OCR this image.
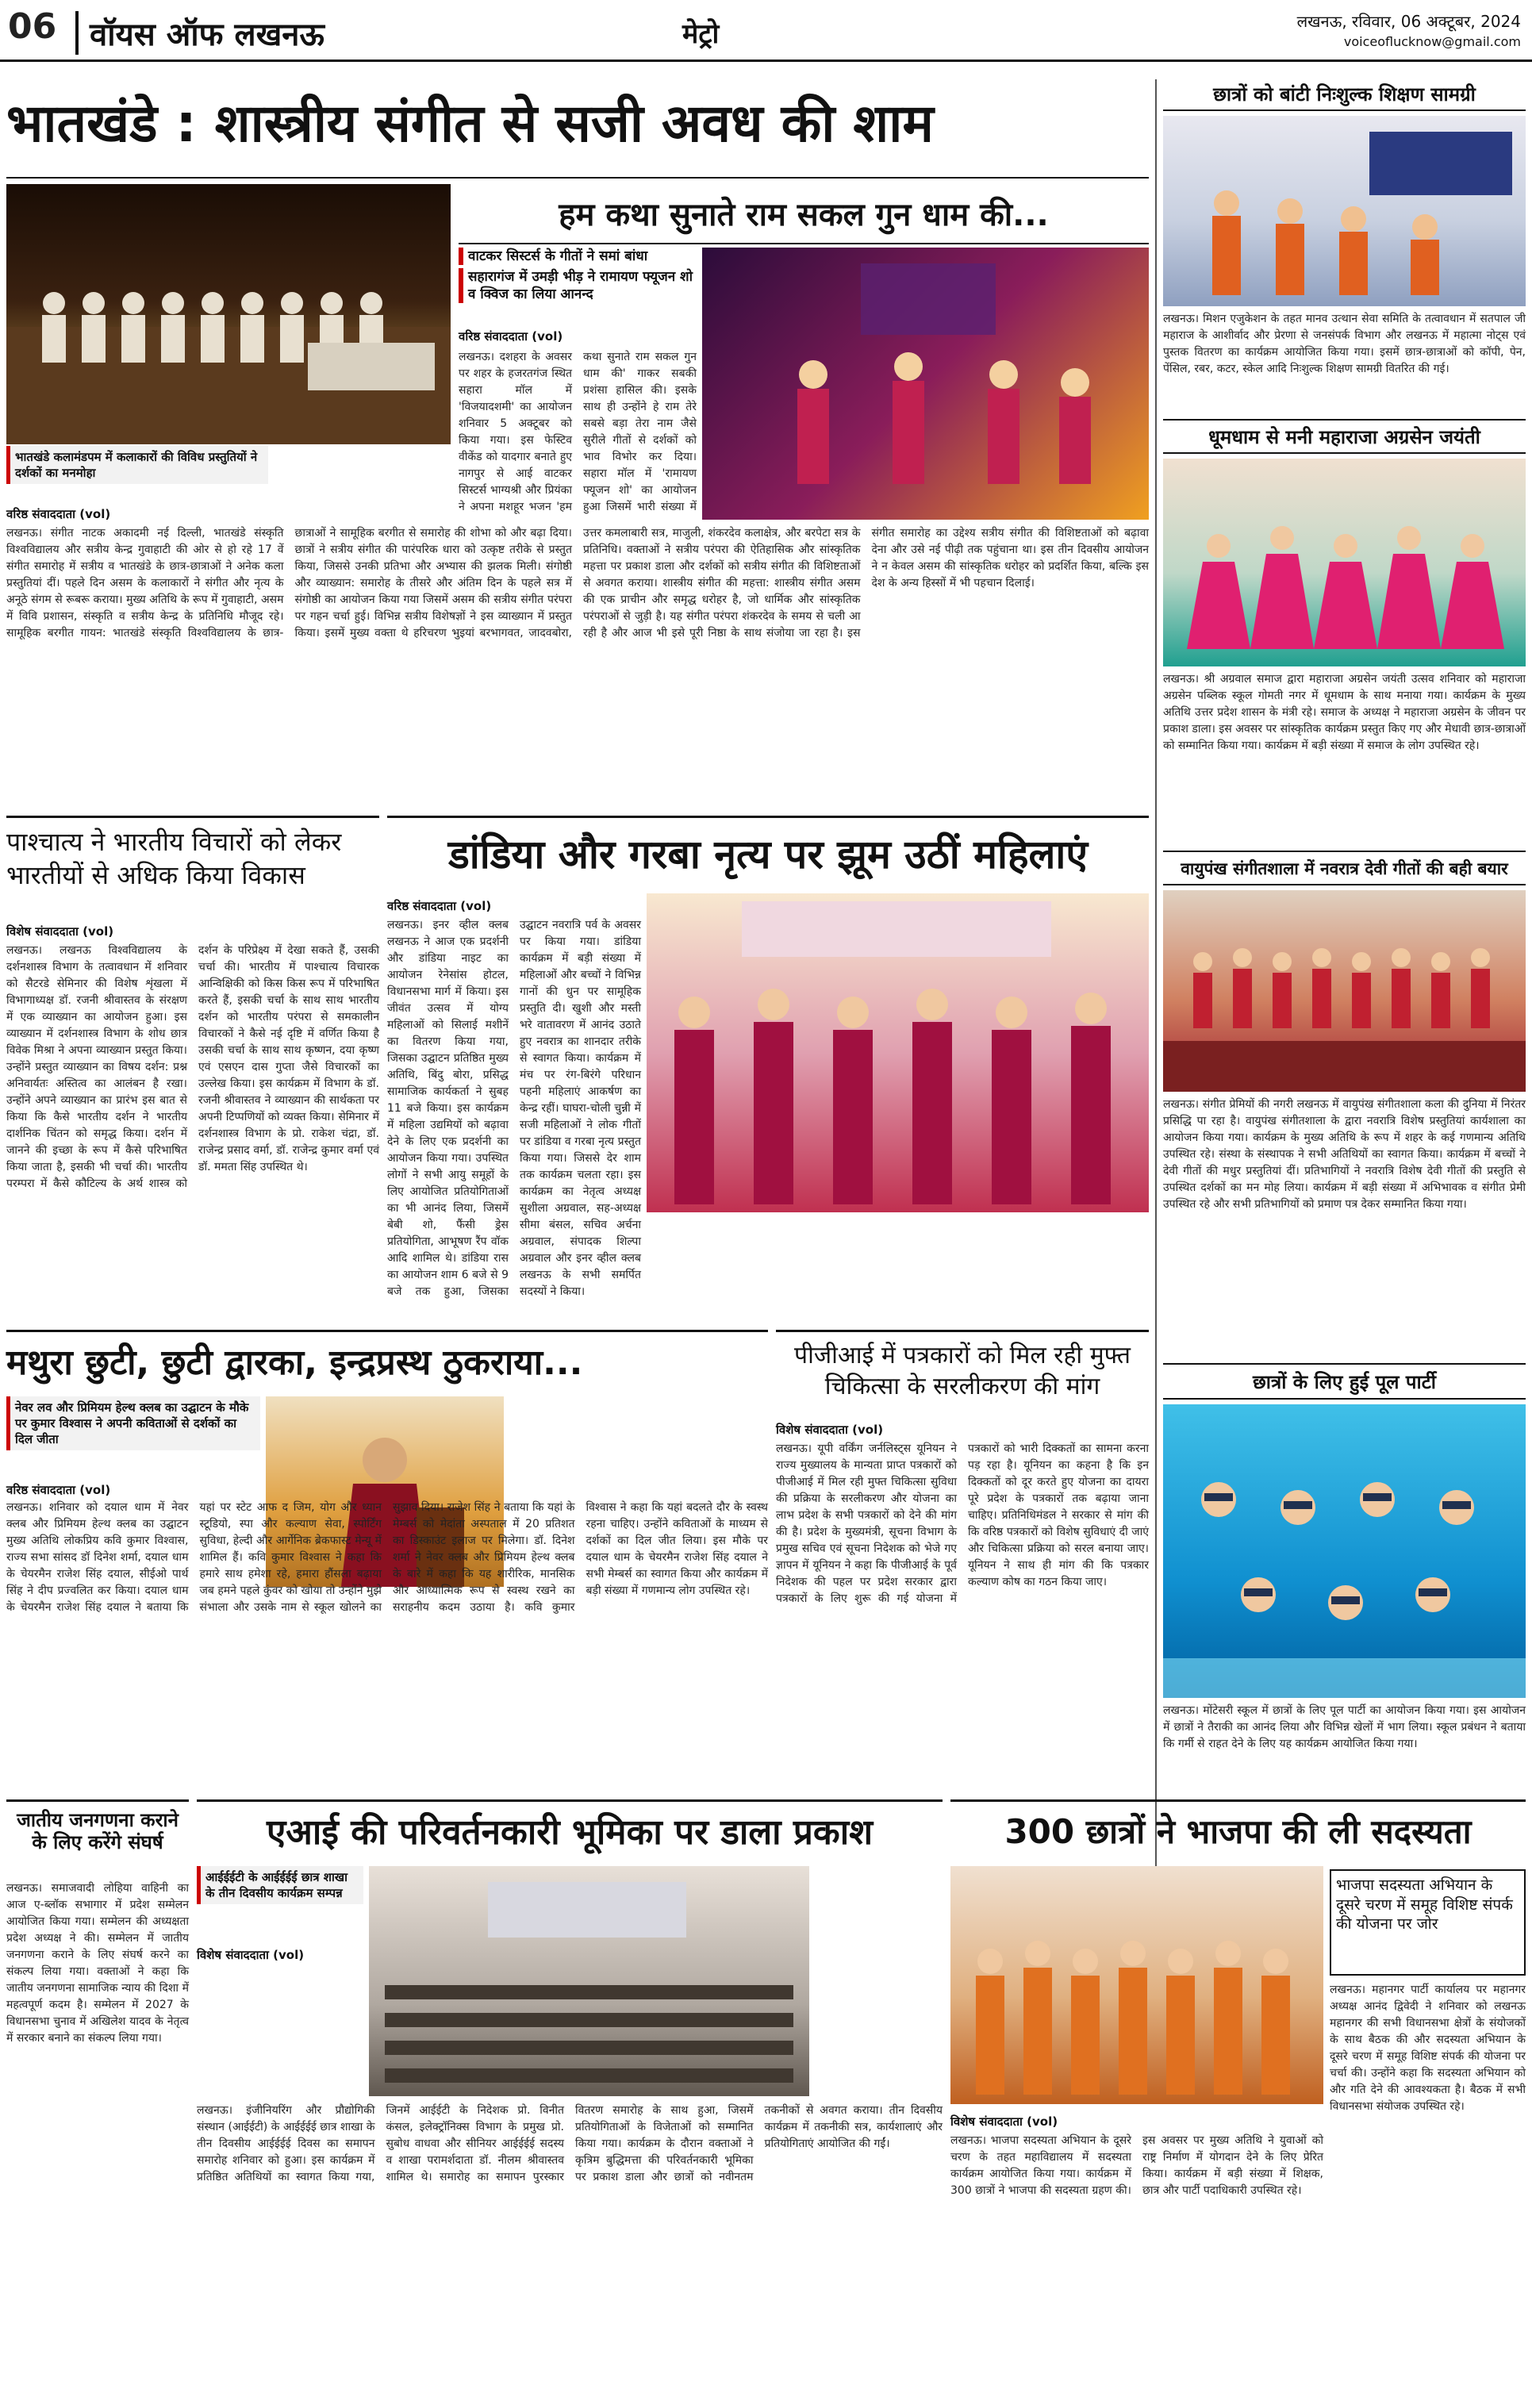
06	वॉयस ऑफ लखनऊ	मेट्रो	लखनऊ, रविवार, 06 अक्टूबर, 2024
voiceoflucknow@gmail.com
भातखंडे : शास्त्रीय संगीत से सजी अवध की शाम
भातखंडे कलामंडपम में कलाकारों की विविध प्रस्तुतियों ने दर्शकों का मनमोहा
वरिष्ठ संवाददाता (vol)
लखनऊ। संगीत नाटक अकादमी नई दिल्ली, भातखंडे संस्कृति विश्वविद्यालय और सत्रीय केन्द्र गुवाहाटी की ओर से हो रहे 17 वें संगीत समारोह में सत्रीय व भातखंडे के छात्र-छात्राओं ने अनेक कला प्रस्तुतियां दीं। पहले दिन असम के कलाकारों ने संगीत और नृत्य के अनूठे संगम से रूबरू कराया। मुख्य अतिथि के रूप में गुवाहाटी, असम में विवि प्रशासन, संस्कृति व सत्रीय केन्द्र के प्रतिनिधि मौजूद रहे। सामूहिक बरगीत गायन: भातखंडे संस्कृति विश्वविद्यालय के छात्र-छात्राओं ने सामूहिक बरगीत से समारोह की शोभा को और बढ़ा दिया। छात्रों ने सत्रीय संगीत की पारंपरिक धारा को उत्कृष्ट तरीके से प्रस्तुत किया, जिससे उनकी प्रतिभा और अभ्यास की झलक मिली। संगोष्ठी और व्याख्यान: समारोह के तीसरे और अंतिम दिन के पहले सत्र में संगोष्ठी का आयोजन किया गया जिसमें असम की सत्रीय संगीत परंपरा पर गहन चर्चा हुई। विभिन्न सत्रीय विशेषज्ञों ने इस व्याख्यान में प्रस्तुत किया। इसमें मुख्य वक्ता थे हरिचरण भुइयां बरभागवत, जादवबोरा, उत्तर कमलाबारी सत्र, माजुली, शंकरदेव कलाक्षेत्र, और बरपेटा सत्र के प्रतिनिधि। वक्ताओं ने सत्रीय परंपरा की ऐतिहासिक और सांस्कृतिक महत्ता पर प्रकाश डाला और दर्शकों को सत्रीय संगीत की विशिष्टताओं से अवगत कराया। शास्त्रीय संगीत की महत्ता: शास्त्रीय संगीत असम की एक प्राचीन और समृद्ध धरोहर है, जो धार्मिक और सांस्कृतिक परंपराओं से जुड़ी है। यह संगीत परंपरा शंकरदेव के समय से चली आ रही है और आज भी इसे पूरी निष्ठा के साथ संजोया जा रहा है। इस संगीत समारोह का उद्देश्य सत्रीय संगीत की विशिष्टताओं को बढ़ावा देना और उसे नई पीढ़ी तक पहुंचाना था। इस तीन दिवसीय आयोजन ने न केवल असम की सांस्कृतिक धरोहर को प्रदर्शित किया, बल्कि इस देश के अन्य हिस्सों में भी पहचान दिलाई।
हम कथा सुनाते राम सकल गुन धाम की...
वाटकर सिस्टर्स के गीतों ने समां बांधा
सहारागंज में उमड़ी भीड़ ने रामायण फ्यूजन शो व क्विज का लिया आनन्द
वरिष्ठ संवाददाता (vol)
लखनऊ। दशहरा के अवसर पर शहर के हजरतगंज स्थित सहारा मॉल में 'विजयादशमी' का आयोजन शनिवार 5 अक्टूबर को किया गया। इस फेस्टिव वीकेंड को यादगार बनाते हुए नागपुर से आई वाटकर सिस्टर्स भाग्यश्री और प्रियंका ने अपना मशहूर भजन 'हम कथा सुनाते राम सकल गुन धाम की' गाकर सबकी प्रशंसा हासिल की। इसके साथ ही उन्होंने हे राम तेरे सबसे बड़ा तेरा नाम जैसे सुरीले गीतों से दर्शकों को भाव विभोर कर दिया। सहारा मॉल में 'रामायण फ्यूजन शो' का आयोजन हुआ जिसमें भारी संख्या में
छात्रों को बांटी निःशुल्क शिक्षण सामग्री
लखनऊ। मिशन एजुकेशन के तहत मानव उत्थान सेवा समिति के तत्वावधान में सतपाल जी महाराज के आशीर्वाद और प्रेरणा से जनसंपर्क विभाग और लखनऊ में महात्मा नोट्स एवं पुस्तक वितरण का कार्यक्रम आयोजित किया गया। इसमें छात्र-छात्राओं को कॉपी, पेन, पेंसिल, रबर, कटर, स्केल आदि निःशुल्क शिक्षण सामग्री वितरित की गई।
धूमधाम से मनी महाराजा अग्रसेन जयंती
लखनऊ। श्री अग्रवाल समाज द्वारा महाराजा अग्रसेन जयंती उत्सव शनिवार को महाराजा अग्रसेन पब्लिक स्कूल गोमती नगर में धूमधाम के साथ मनाया गया। कार्यक्रम के मुख्य अतिथि उत्तर प्रदेश शासन के मंत्री रहे। समाज के अध्यक्ष ने महाराजा अग्रसेन के जीवन पर प्रकाश डाला। इस अवसर पर सांस्कृतिक कार्यक्रम प्रस्तुत किए गए और मेधावी छात्र-छात्राओं को सम्मानित किया गया। कार्यक्रम में बड़ी संख्या में समाज के लोग उपस्थित रहे।
पाश्चात्य ने भारतीय विचारों को लेकर भारतीयों से अधिक किया विकास
विशेष संवाददाता (vol)
लखनऊ। लखनऊ विश्वविद्यालय के दर्शनशास्त्र विभाग के तत्वावधान में शनिवार को सैटरडे सेमिनार की विशेष शृंखला में विभागाध्यक्ष डॉ. रजनी श्रीवास्तव के संरक्षण में एक व्याख्यान का आयोजन हुआ। इस व्याख्यान में दर्शनशास्त्र विभाग के शोध छात्र विवेक मिश्रा ने अपना व्याख्यान प्रस्तुत किया। उन्होंने प्रस्तुत व्याख्यान का विषय दर्शन: प्रश्न अनिवार्यतः अस्तित्व का आलंबन है रखा। उन्होंने अपने व्याख्यान का प्रारंभ इस बात से किया कि कैसे भारतीय दर्शन ने भारतीय दार्शनिक चिंतन को समृद्ध किया। दर्शन में जानने की इच्छा के रूप में कैसे परिभाषित किया जाता है, इसकी भी चर्चा की। भारतीय परम्परा में कैसे कौटिल्य के अर्थ शास्त्र को दर्शन के परिप्रेक्ष्य में देखा सकते हैं, उसकी चर्चा की। भारतीय में पाश्चात्य विचारक आन्विक्षिकी को किस किस रूप में परिभाषित करते हैं, इसकी चर्चा के साथ साथ भारतीय दर्शन को भारतीय परंपरा से समकालीन विचारकों ने कैसे नई दृष्टि में वर्णित किया है उसकी चर्चा के साथ साथ कृष्णन, दया कृष्ण एवं एसएन दास गुप्ता जैसे विचारकों का उल्लेख किया। इस कार्यक्रम में विभाग के डॉ. रजनी श्रीवास्तव ने व्याख्यान की सार्थकता पर अपनी टिप्पणियों को व्यक्त किया। सेमिनार में दर्शनशास्त्र विभाग के प्रो. राकेश चंद्रा, डॉ. राजेन्द्र प्रसाद वर्मा, डॉ. राजेन्द्र कुमार वर्मा एवं डॉ. ममता सिंह उपस्थित थे।
डांडिया और गरबा नृत्य पर झूम उठीं महिलाएं
वरिष्ठ संवाददाता (vol)
लखनऊ। इनर व्हील क्लब लखनऊ ने आज एक प्रदर्शनी और डांडिया नाइट का आयोजन रेनेसांस होटल, विधानसभा मार्ग में किया। इस जीवंत उत्सव में योग्य महिलाओं को सिलाई मशीनें का वितरण किया गया, जिसका उद्घाटन प्रतिष्ठित मुख्य अतिथि, बिंदु बोरा, प्रसिद्ध सामाजिक कार्यकर्ता ने सुबह 11 बजे किया। इस कार्यक्रम में महिला उद्यमियों को बढ़ावा देने के लिए एक प्रदर्शनी का आयोजन किया गया। उपस्थित लोगों ने सभी आयु समूहों के लिए आयोजित प्रतियोगिताओं का भी आनंद लिया, जिसमें बेबी शो, फैंसी ड्रेस प्रतियोगिता, आभूषण रैंप वॉक आदि शामिल थे। डांडिया रास का आयोजन शाम 6 बजे से 9 बजे तक हुआ, जिसका उद्घाटन नवरात्रि पर्व के अवसर पर किया गया। डांडिया कार्यक्रम में बड़ी संख्या में महिलाओं और बच्चों ने विभिन्न गानों की धुन पर सामूहिक प्रस्तुति दी। खुशी और मस्ती भरे वातावरण में आनंद उठाते हुए नवरात्र का शानदार तरीके से स्वागत किया। कार्यक्रम में मंच पर रंग-बिरंगे परिधान पहनी महिलाएं आकर्षण का केन्द्र रहीं। घाघरा-चोली चुन्नी में सजी महिलाओं ने लोक गीतों पर डांडिया व गरबा नृत्य प्रस्तुत किया गया। जिससे देर शाम तक कार्यक्रम चलता रहा। इस कार्यक्रम का नेतृत्व अध्यक्ष सुशीला अग्रवाल, सह-अध्यक्ष सीमा बंसल, सचिव अर्चना अग्रवाल, संपादक शिल्पा अग्रवाल और इनर व्हील क्लब लखनऊ के सभी समर्पित सदस्यों ने किया।
वायुपंख संगीतशाला में नवरात्र देवी गीतों की बही बयार
लखनऊ। संगीत प्रेमियों की नगरी लखनऊ में वायुपंख संगीतशाला कला की दुनिया में निरंतर प्रसिद्धि पा रहा है। वायुपंख संगीतशाला के द्वारा नवरात्रि विशेष प्रस्तुतियां कार्यशाला का आयोजन किया गया। कार्यक्रम के मुख्य अतिथि के रूप में शहर के कई गणमान्य अतिथि उपस्थित रहे। संस्था के संस्थापक ने सभी अतिथियों का स्वागत किया। कार्यक्रम में बच्चों ने देवी गीतों की मधुर प्रस्तुतियां दीं। प्रतिभागियों ने नवरात्रि विशेष देवी गीतों की प्रस्तुति से उपस्थित दर्शकों का मन मोह लिया। कार्यक्रम में बड़ी संख्या में अभिभावक व संगीत प्रेमी उपस्थित रहे और सभी प्रतिभागियों को प्रमाण पत्र देकर सम्मानित किया गया।
मथुरा छुटी, छुटी द्वारका, इन्द्रप्रस्थ ठुकराया...
नेवर लव और प्रिमियम हेल्थ क्लब का उद्घाटन के मौके पर कुमार विश्वास ने अपनी कविताओं से दर्शकों का दिल जीता
वरिष्ठ संवाददाता (vol)
लखनऊ। शनिवार को दयाल धाम में नेवर क्लब और प्रिमियम हेल्थ क्लब का उद्घाटन मुख्य अतिथि लोकप्रिय कवि कुमार विश्वास, राज्य सभा सांसद डॉ दिनेश शर्मा, दयाल धाम के चेयरमैन राजेश सिंह दयाल, सीईओ पार्थ सिंह ने दीप प्रज्वलित कर किया। दयाल धाम के चेयरमैन राजेश सिंह दयाल ने बताया कि यहां पर स्टेट आफ द जिम, योग और ध्यान स्टूडियो, स्पा और कल्याण सेवा, स्पोर्टिंग सुविधा, हेल्दी और आर्गेनिक ब्रेकफास्ट मेन्यू में शामिल हैं। कवि कुमार विश्वास ने कहा कि हमारे साथ हमेशा रहे, हमारा हौंसला बढ़ाया जब हमने पहले कुंवर को खोया तो उन्होंने मुझे संभाला और उसके नाम से स्कूल खोलने का सुझाव दिया। राजेश सिंह ने बताया कि यहां के मेम्बर्स को मेदांता अस्पताल में 20 प्रतिशत का डिस्काउंट इलाज पर मिलेगा। डॉ. दिनेश शर्मा ने नेवर क्लब और प्रिमियम हेल्थ क्लब के बारे में कहा कि यह शारीरिक, मानसिक और आध्यात्मिक रूप से स्वस्थ रखने का सराहनीय कदम उठाया है। कवि कुमार विश्वास ने कहा कि यहां बदलते दौर के स्वस्थ रहना चाहिए। उन्होंने कविताओं के माध्यम से दर्शकों का दिल जीत लिया। इस मौके पर दयाल धाम के चेयरमैन राजेश सिंह दयाल ने सभी मेम्बर्स का स्वागत किया और कार्यक्रम में बड़ी संख्या में गणमान्य लोग उपस्थित रहे।
पीजीआई में पत्रकारों को मिल रही मुफ्त चिकित्सा के सरलीकरण की मांग
विशेष संवाददाता (vol)
लखनऊ। यूपी वर्किंग जर्नलिस्ट्स यूनियन ने राज्य मुख्यालय के मान्यता प्राप्त पत्रकारों को पीजीआई में मिल रही मुफ्त चिकित्सा सुविधा की प्रक्रिया के सरलीकरण और योजना का लाभ प्रदेश के सभी पत्रकारों को देने की मांग की है। प्रदेश के मुख्यमंत्री, सूचना विभाग के प्रमुख सचिव एवं सूचना निदेशक को भेजे गए ज्ञापन में यूनियन ने कहा कि पीजीआई के पूर्व निदेशक की पहल पर प्रदेश सरकार द्वारा पत्रकारों के लिए शुरू की गई योजना में पत्रकारों को भारी दिक्कतों का सामना करना पड़ रहा है। यूनियन का कहना है कि इन दिक्कतों को दूर करते हुए योजना का दायरा पूरे प्रदेश के पत्रकारों तक बढ़ाया जाना चाहिए। प्रतिनिधिमंडल ने सरकार से मांग की कि वरिष्ठ पत्रकारों को विशेष सुविधाएं दी जाएं और चिकित्सा प्रक्रिया को सरल बनाया जाए। यूनियन ने साथ ही मांग की कि पत्रकार कल्याण कोष का गठन किया जाए।
छात्रों के लिए हुई पूल पार्टी
लखनऊ। मोंटेसरी स्कूल में छात्रों के लिए पूल पार्टी का आयोजन किया गया। इस आयोजन में छात्रों ने तैराकी का आनंद लिया और विभिन्न खेलों में भाग लिया। स्कूल प्रबंधन ने बताया कि गर्मी से राहत देने के लिए यह कार्यक्रम आयोजित किया गया।
जातीय जनगणना कराने के लिए करेंगे संघर्ष
लखनऊ। समाजवादी लोहिया वाहिनी का आज ए-ब्लॉक सभागार में प्रदेश सम्मेलन आयोजित किया गया। सम्मेलन की अध्यक्षता प्रदेश अध्यक्ष ने की। सम्मेलन में जातीय जनगणना कराने के लिए संघर्ष करने का संकल्प लिया गया। वक्ताओं ने कहा कि जातीय जनगणना सामाजिक न्याय की दिशा में महत्वपूर्ण कदम है। सम्मेलन में 2027 के विधानसभा चुनाव में अखिलेश यादव के नेतृत्व में सरकार बनाने का संकल्प लिया गया।
एआई की परिवर्तनकारी भूमिका पर डाला प्रकाश
आईईईटी के आईईईई छात्र शाखा के तीन दिवसीय कार्यक्रम सम्पन्न
विशेष संवाददाता (vol)
लखनऊ। इंजीनियरिंग और प्रौद्योगिकी संस्थान (आईईटी) के आईईईई छात्र शाखा के तीन दिवसीय आईईईई दिवस का समापन समारोह शनिवार को हुआ। इस कार्यक्रम में प्रतिष्ठित अतिथियों का स्वागत किया गया, जिनमें आईईटी के निदेशक प्रो. विनीत कंसल, इलेक्ट्रॉनिक्स विभाग के प्रमुख प्रो. सुबोध वाधवा और सीनियर आईईईई सदस्य व शाखा परामर्शदाता डॉ. नीलम श्रीवास्तव शामिल थे। समारोह का समापन पुरस्कार वितरण समारोह के साथ हुआ, जिसमें प्रतियोगिताओं के विजेताओं को सम्मानित किया गया। कार्यक्रम के दौरान वक्ताओं ने कृत्रिम बुद्धिमत्ता की परिवर्तनकारी भूमिका पर प्रकाश डाला और छात्रों को नवीनतम तकनीकों से अवगत कराया। तीन दिवसीय कार्यक्रम में तकनीकी सत्र, कार्यशालाएं और प्रतियोगिताएं आयोजित की गईं।
300 छात्रों ने भाजपा की ली सदस्यता
विशेष संवाददाता (vol)
लखनऊ। भाजपा सदस्यता अभियान के दूसरे चरण के तहत महाविद्यालय में सदस्यता कार्यक्रम आयोजित किया गया। कार्यक्रम में 300 छात्रों ने भाजपा की सदस्यता ग्रहण की। इस अवसर पर मुख्य अतिथि ने युवाओं को राष्ट्र निर्माण में योगदान देने के लिए प्रेरित किया। कार्यक्रम में बड़ी संख्या में शिक्षक, छात्र और पार्टी पदाधिकारी उपस्थित रहे।
भाजपा सदस्यता अभियान के दूसरे चरण में समूह विशिष्ट संपर्क की योजना पर जोर
लखनऊ। महानगर पार्टी कार्यालय पर महानगर अध्यक्ष आनंद द्विवेदी ने शनिवार को लखनऊ महानगर की सभी विधानसभा क्षेत्रों के संयोजकों के साथ बैठक की और सदस्यता अभियान के दूसरे चरण में समूह विशिष्ट संपर्क की योजना पर चर्चा की। उन्होंने कहा कि सदस्यता अभियान को और गति देने की आवश्यकता है। बैठक में सभी विधानसभा संयोजक उपस्थित रहे।
